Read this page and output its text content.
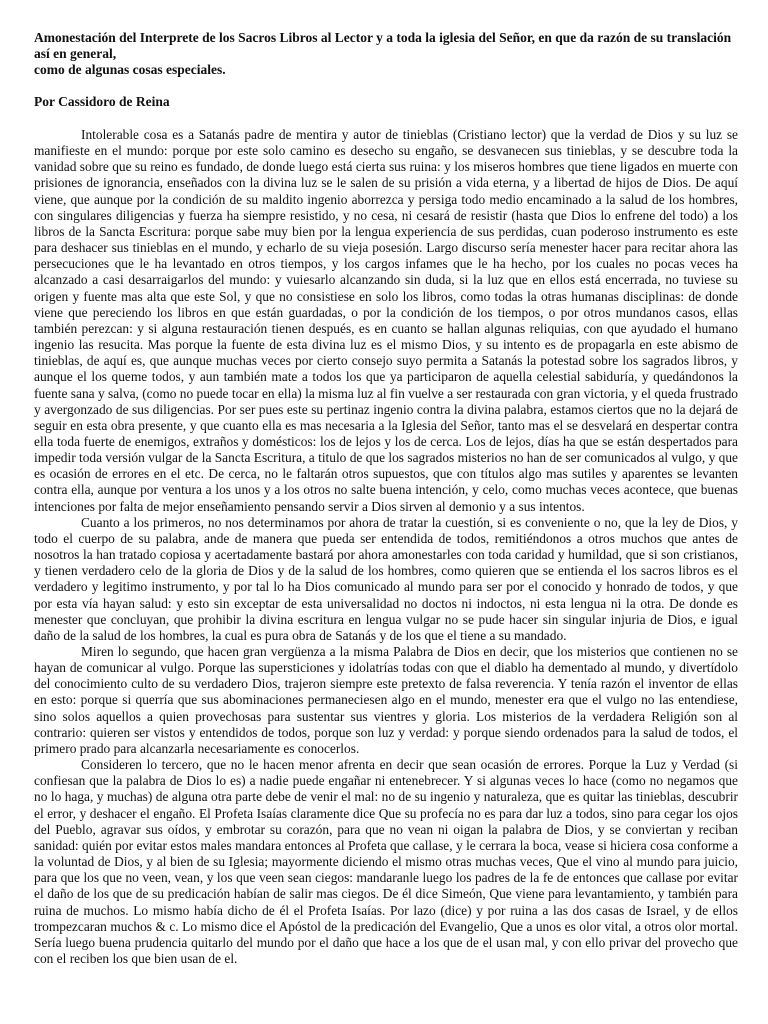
Amonestación del Interprete de los Sacros Libros al Lector y a toda la iglesia del Señor, en que da razón de su translación así en general,
como de algunas cosas especiales.
Por Cassidoro de Reina

Intolerable cosa es a Satanás padre de mentira y autor de tinieblas (Cristiano lector) que la verdad de Dios y su luz se manifieste en el mundo: porque por este solo camino es desecho su engaño, se desvanecen sus tinieblas, y se descubre toda la vanidad sobre que su reino es fundado, de donde luego está cierta sus ruina: y los miseros hombres que tiene ligados en muerte con prisiones de ignorancia, enseñados con la divina luz se le salen de su prisión a vida eterna, y a libertad de hijos de Dios. De aquí viene, que aunque por la condición de su maldito ingenio aborrezca y persiga todo medio encaminado a la salud de los hombres, con singulares diligencias y fuerza ha siempre resistido, y no cesa, ni cesará de resistir (hasta que Dios lo enfrene del todo) a los libros de la Sancta Escritura: porque sabe muy bien por la lengua experiencia de sus perdidas, cuan poderoso instrumento es este para deshacer sus tinieblas en el mundo, y echarlo de su vieja posesión. Largo discurso sería menester hacer para recitar ahora las persecuciones que le ha levantado en otros tiempos, y los cargos infames que le ha hecho, por los cuales no pocas veces ha alcanzado a casi desarraigarlos del mundo: y vuiesarlo alcanzando sin duda, si la luz que en ellos está encerrada, no tuviese su origen y fuente mas alta que este Sol, y que no consistiese en solo los libros, como todas la otras humanas disciplinas: de donde viene que pereciendo los libros en que están guardadas, o por la condición de los tiempos, o por otros mundanos casos, ellas también perezcan: y si alguna restauración tienen después, es en cuanto se hallan algunas reliquias, con que ayudado el humano ingenio las resucita. Mas porque la fuente de esta divina luz es el mismo Dios, y su intento es de propagarla en este abismo de tinieblas, de aquí es, que aunque muchas veces por cierto consejo suyo permita a Satanás la potestad sobre los sagrados libros, y aunque el los queme todos, y aun también mate a todos los que ya participaron de aquella celestial sabiduría, y quedándonos la fuente sana y salva, (como no puede tocar en ella) la misma luz al fin vuelve a ser restaurada con gran victoria, y el queda frustrado y avergonzado de sus diligencias. Por ser pues este su pertinaz ingenio contra la divina palabra, estamos ciertos que no la dejará de seguir en esta obra presente, y que cuanto ella es mas necesaria a la Iglesia del Señor, tanto mas el se desvelará en despertar contra ella toda fuerte de enemigos, extraños y domésticos: los de lejos y los de cerca. Los de lejos, días ha que se están despertados para impedir toda versión vulgar de la Sancta Escritura, a titulo de que los sagrados misterios no han de ser comunicados al vulgo, y que es ocasión de errores en el etc. De cerca, no le faltarán otros supuestos, que con títulos algo mas sutiles y aparentes se levanten contra ella, aunque por ventura a los unos y a los otros no salte buena intención, y celo, como muchas veces acontece, que buenas intenciones por falta de mejor enseñamiento pensando servir a Dios sirven al demonio y a sus intentos.

Cuanto a los primeros, no nos determinamos por ahora de tratar la cuestión, si es conveniente o no, que la ley de Dios, y todo el cuerpo de su palabra, ande de manera que pueda ser entendida de todos, remitiéndonos a otros muchos que antes de nosotros la han tratado copiosa y acertadamente bastará por ahora amonestarles con toda caridad y humildad, que si son cristianos, y tienen verdadero celo de la gloria de Dios y de la salud de los hombres, como quieren que se entienda el los sacros libros es el verdadero y legitimo instrumento, y por tal lo ha Dios comunicado al mundo para ser por el conocido y honrado de todos, y que por esta vía hayan salud: y esto sin exceptar de esta universalidad no doctos ni indoctos, ni esta lengua ni la otra. De donde es menester que concluyan, que prohibir la divina escritura en lengua vulgar no se pude hacer sin singular injuria de Dios, e igual daño de la salud de los hombres, la cual es pura obra de Satanás y de los que el tiene a su mandado.

Miren lo segundo, que hacen gran vergüenza a la misma Palabra de Dios en decir, que los misterios que contienen no se hayan de comunicar al vulgo. Porque las supersticiones y idolatrías todas con que el diablo ha dementado al mundo, y divertídolo del conocimiento culto de su verdadero Dios, trajeron siempre este pretexto de falsa reverencia. Y tenía razón el inventor de ellas en esto: porque si querría que sus abominaciones permaneciesen algo en el mundo, menester era que el vulgo no las entendiese, sino solos aquellos a quien provechosas para sustentar sus vientres y gloria. Los misterios de la verdadera Religión son al contrario: quieren ser vistos y entendidos de todos, porque son luz y verdad: y porque siendo ordenados para la salud de todos, el primero prado para alcanzarla necesariamente es conocerlos.

Consideren lo tercero, que no le hacen menor afrenta en decir que sean ocasión de errores. Porque la Luz y Verdad (si confiesan que la palabra de Dios lo es) a nadie puede engañar ni entenebrecer. Y si algunas veces lo hace (como no negamos que no lo haga, y muchas) de alguna otra parte debe de venir el mal: no de su ingenio y naturaleza, que es quitar las tinieblas, descubrir el error, y deshacer el engaño. El Profeta Isaías claramente dice Que su profecía no es para dar luz a todos, sino para cegar los ojos del Pueblo, agravar sus oídos, y embrotar su corazón, para que no vean ni oigan la palabra de Dios, y se conviertan y reciban sanidad: quién por evitar estos males mandara entonces al Profeta que callase, y le cerrara la boca, vease si hiciera cosa conforme a la voluntad de Dios, y al bien de su Iglesia; mayormente diciendo el mismo otras muchas veces, Que el vino al mundo para juicio, para que los que no veen, vean, y los que veen sean ciegos: mandaranle luego los padres de la fe de entonces que callase por evitar el daño de los que de su predicación habían de salir mas ciegos. De él dice Simeón, Que viene para levantamiento, y también para ruina de muchos. Lo mismo había dicho de él el Profeta Isaías. Por lazo (dice) y por ruina a las dos casas de Israel, y de ellos trompezcaran muchos & c. Lo mismo dice el Apóstol de la predicación del Evangelio, Que a unos es olor vital, a otros olor mortal. Sería luego buena prudencia quitarlo del mundo por el daño que hace a los que de el usan mal, y con ello privar del provecho que con el reciben los que bien usan de el.
